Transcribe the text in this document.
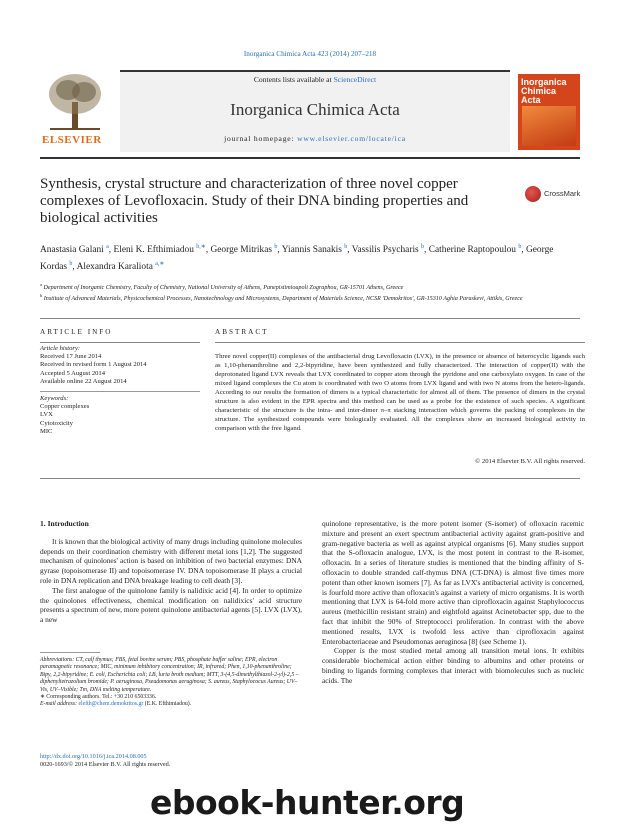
Inorganica Chimica Acta 423 (2014) 207–218
ELSEVIER
Contents lists available at ScienceDirect
Inorganica Chimica Acta
journal homepage: www.elsevier.com/locate/ica
Inorganica Chimica Acta
Synthesis, crystal structure and characterization of three novel copper complexes of Levofloxacin. Study of their DNA binding properties and biological activities
CrossMark
Anastasia Galani $^a$, Eleni K. Efthimiadou $^{b,∗}$, George Mitrikas $^b$, Yiannis Sanakis $^b$, Vassilis Psycharis $^b$, Catherine Raptopoulou $^b$, George Kordas $^b$, Alexandra Karaliota $^{a,∗}$
$^a$ Department of Inorganic Chemistry, Faculty of Chemistry, National University of Athens, Panepistimioupoli Zographou, GR-15701 Athens, Greece
$^b$ Institute of Advanced Materials, Physicochemical Processes, Nanotechnology and Microsystems, Department of Materials Science, NCSR 'Demokritos', GR-15310 Aghia Paraskevi, Attikis, Greece
ARTICLE INFO	ABSTRACT
Article history:
Received 17 June 2014
Received in revised form 1 August 2014
Accepted 5 August 2014
Available online 22 August 2014
Keywords:
Copper complexes
LVX
Cytotoxicity
MIC
Three novel copper(II) complexes of the antibacterial drug Levofloxacin (LVX), in the presence or absence of heterocyclic ligands such as 1,10-phenanthroline and 2,2-bipyridine, have been synthesized and fully characterized. The interaction of copper(II) with the deprotonated ligand LVX reveals that LVX coordinated to copper atom through the pyridone and one carboxylato oxygen. In case of the mixed ligand complexes the Cu atom is coordinated with two O atoms from LVX ligand and with two N atoms from the hetero-ligands. According to our results the formation of dimers is a typical characteristic for almost all of them. The presence of dimers in the crystal structure is also evident in the EPR spectra and this method can be used as a probe for the existence of such species. A significant characteristic of the structure is the intra- and inter-dimer π–π stacking interaction which governs the packing of complexes in the structure. The synthesized compounds were biologically evaluated. All the complexes show an increased biological activity in comparison with the free ligand.
© 2014 Elsevier B.V. All rights reserved.
1. Introduction

It is known that the biological activity of many drugs including quinolone molecules depends on their coordination chemistry with different metal ions [1,2]. The suggested mechanism of quinolones' action is based on inhibition of two bacterial enzymes: DNA gyrase (topoisomerase II) and topoisomerase IV. DNA topoisomerase II plays a crucial role in DNA replication and DNA breakage leading to cell death [3].

The first analogue of the quinolone family is nalidixic acid [4]. In order to optimize the quinolones effectiveness, chemical modification on nalidixics' acid structure presents a spectrum of new, more potent quinolone antibacterial agents [5]. LVX (LVX), a new

quinolone representative, is the more potent isomer (S-isomer) of ofloxacin racemic mixture and present an exert spectrum antibacterial activity against gram-positive and gram-negative bacteria as well as against atypical organisms [6]. Many studies support that the S-ofloxacin analogue, LVX, is the most potent in contrast to the R-isomer, ofloxacin. In a series of literature studies is mentioned that the binding affinity of S-ofloxacin to double stranded calf-thymus DNA (CT-DNA) is almost five times more potent than other known isomers [7]. As far as LVX's antibacterial activity is concerned, is fourfold more active than ofloxacin's against a variety of micro organisms. It is worth mentioning that LVX is 64-fold more active than ciprofloxacin against Staphylococcus aureus (methicillin resistant strain) and eightfold against Acinetobacter spp, due to the fact that inhibit the 90% of Streptococci proliferation. In contrast with the above mentioned results, LVX is twofold less active than ciprofloxacin against Enterobacteriaceae and Pseudomonas aeruginosa [8] (see Scheme 1).

Copper is the most studied metal among all transition metal ions. It exhibits considerable biochemical action either binding to albumins and other proteins or binding to ligands forming complexes that interact with biomolecules such as nucleic acids. The

Abbreviations: CT, calf thymus; FBS, fetal bovine serum; PBS, phosphate buffer saline; EPR, electron paramagnetic resonance; MIC, minimum inhibitory concentration; IR, infrared; Phen, 1,10-phenanthroline; Bipy, 2,2-bipyridine; E. coli, Escherichia coli; LB, luria broth medium; MTT, 3-(4,5-dimethylthiazol-2-yl)-2,5 – diphenyltetrazolium bromide; P. aeruginosa, Pseudomonas aeruginosa; S. aureus, Staphylococus Aureus; UV–Vis, UV–Visible; Tm, DNA melting temperature.
∗ Corresponding authors. Tel.: +30 210 6503336.
E-mail address: elefth@chem.demokritos.gr (E.K. Efthimiadou).
http://dx.doi.org/10.1016/j.ica.2014.08.005
0020-1693/© 2014 Elsevier B.V. All rights reserved.
ebook-hunter.org
